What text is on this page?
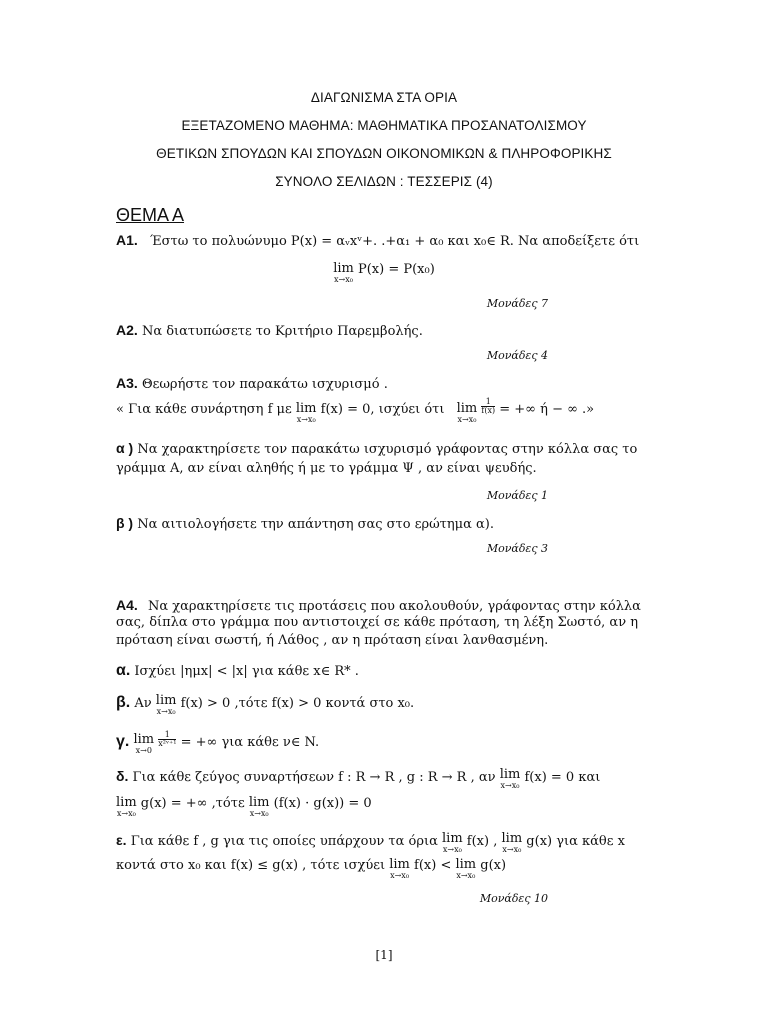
ΔΙΑΓΩΝΙΣΜΑ ΣΤΑ ΟΡΙΑ
ΕΞΕΤΑΖΟΜΕΝΟ ΜΑΘΗΜΑ: ΜΑΘΗΜΑΤΙΚΑ ΠΡΟΣΑΝΑΤΟΛΙΣΜΟΥ
ΘΕΤΙΚΩΝ ΣΠΟΥΔΩΝ ΚΑΙ ΣΠΟΥΔΩΝ ΟΙΚΟΝΟΜΙΚΩΝ & ΠΛΗΡΟΦΟΡΙΚΗΣ
ΣΥΝΟΛΟ ΣΕΛΙΔΩΝ : ΤΕΣΣΕΡΙΣ (4)
ΘΕΜΑ Α
Α1. Έστω το πολυώνυμο P(x) = αᵥxᵛ+. .+α₁ + α₀ και x₀∈ R. Να αποδείξετε ότι
lim
x→x₀
P(x) = P(x₀)
Μονάδες 7
Α2. Να διατυπώσετε το Κριτήριο Παρεμβολής.
Μονάδες 4
Α3. Θεωρήστε τον παρακάτω ισχυρισμό .
« Για κάθε συνάρτηση f με lim
x→x₀
f(x) = 0, ισχύει ότι lim
x→x₀

$\frac{1}{f(x)}$ = +∞ ή − ∞ .»
α ) Να χαρακτηρίσετε τον παρακάτω ισχυρισμό γράφοντας στην κόλλα σας το
γράμμα Α, αν είναι αληθής ή με το γράμμα Ψ , αν είναι ψευδής.
Μονάδες 1
β ) Να αιτιολογήσετε την απάντηση σας στο ερώτημα α).
Μονάδες 3
Α4. Να χαρακτηρίσετε τις προτάσεις που ακολουθούν, γράφοντας στην κόλλα
σας, δίπλα στο γράμμα που αντιστοιχεί σε κάθε πρόταση, τη λέξη Σωστό, αν η
πρόταση είναι σωστή, ή Λάθος , αν η πρόταση είναι λανθασμένη.
α. Ισχύει |ημx| < |x| για κάθε x∈ R* .
β. Αν lim
x→x₀
f(x) > 0 ,τότε f(x) > 0 κοντά στο x₀.
γ. lim
x→0

$\frac{1}{\text{x²ᵛ⁺¹}}$ = +∞ για κάθε ν∈ N.
δ. Για κάθε ζεύγος συναρτήσεων f : R → R , g : R → R , αν lim
x→x₀
f(x) = 0 και
lim
x→x₀
g(x) = +∞ ,τότε lim
x→x₀
(f(x) · g(x)) = 0
ε. Για κάθε f , g για τις οποίες υπάρχουν τα όρια lim
x→x₀
f(x) , lim
x→x₀
g(x) για κάθε x
κοντά στο x₀ και f(x) ≤ g(x) , τότε ισχύει lim
x→x₀
f(x) < lim
x→x₀
g(x)
Μονάδες 10
[1]
